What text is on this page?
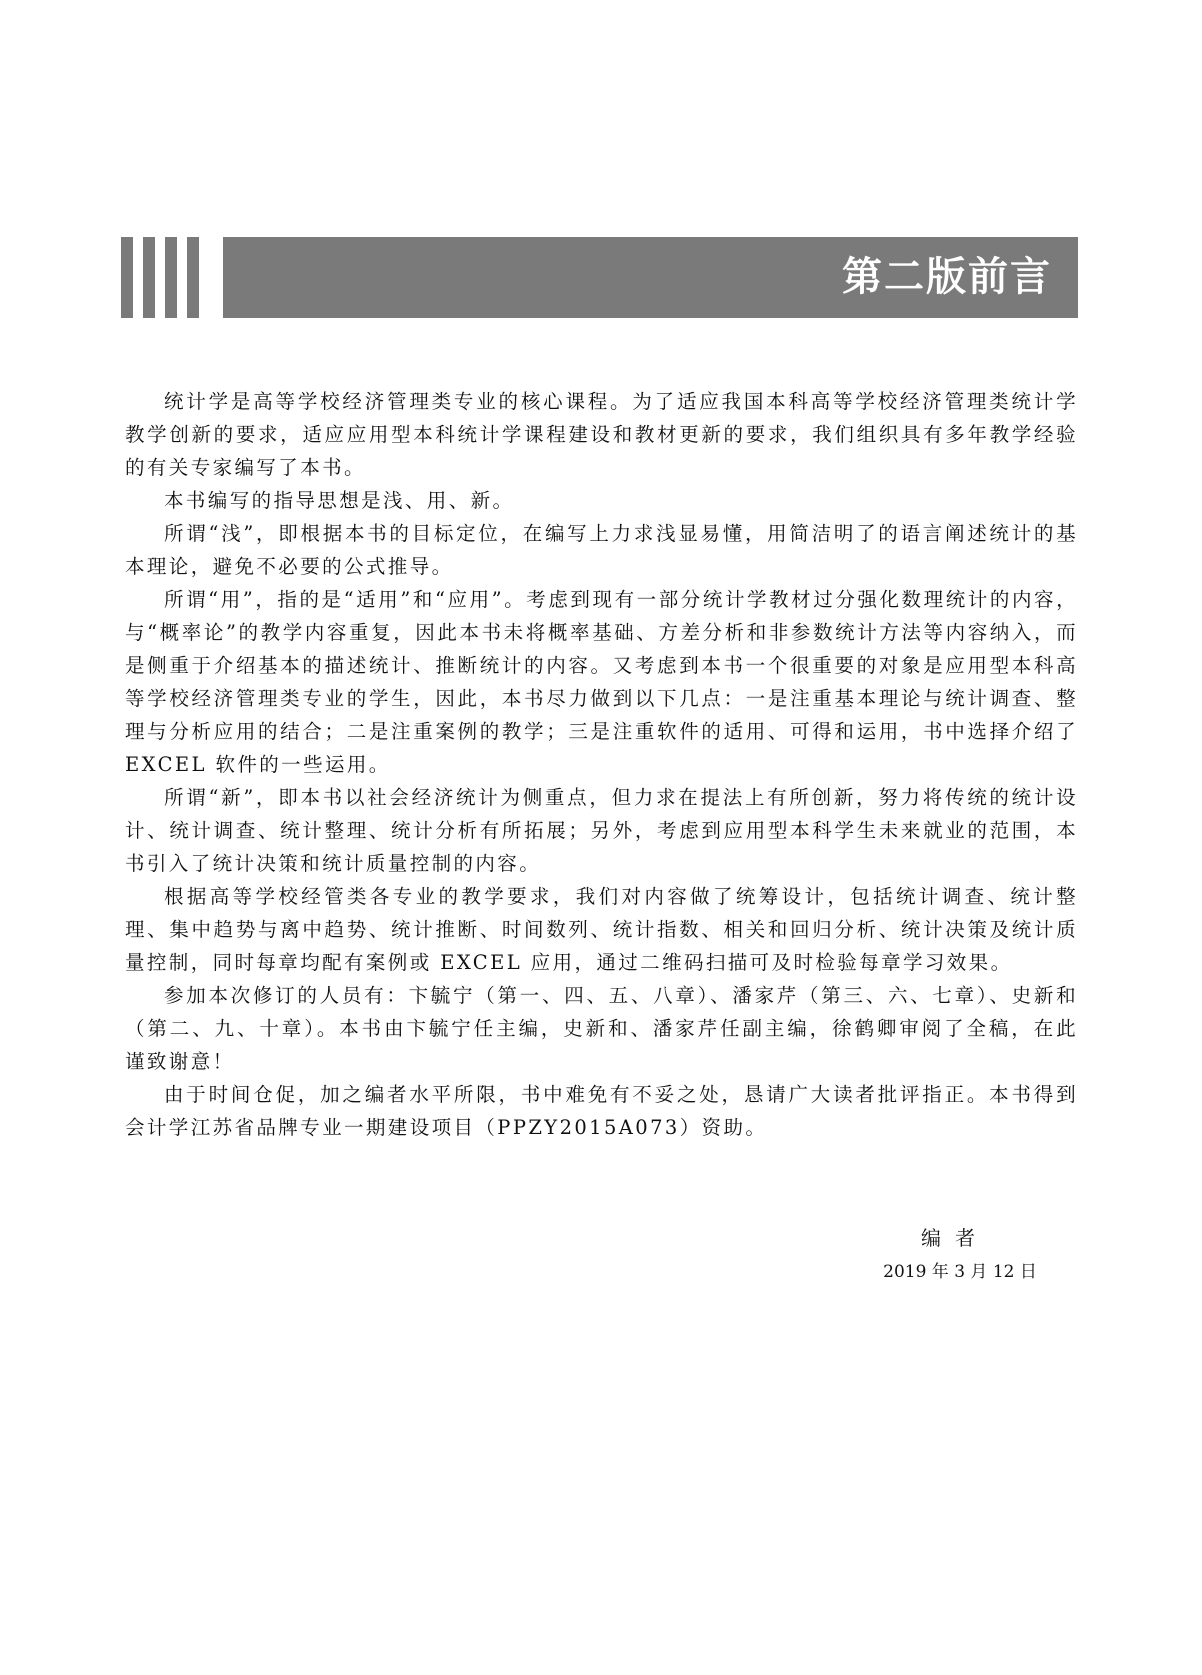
第二版前言

统计学是高等学校经济管理类专业的核心课程。为了适应我国本科高等学校经济管理类统计学教学创新的要求，适应应用型本科统计学课程建设和教材更新的要求，我们组织具有多年教学经验的有关专家编写了本书。

本书编写的指导思想是浅、用、新。

所谓“浅”，即根据本书的目标定位，在编写上力求浅显易懂，用简洁明了的语言阐述统计的基本理论，避免不必要的公式推导。

所谓“用”，指的是“适用”和“应用”。考虑到现有一部分统计学教材过分强化数理统计的内容，与“概率论”的教学内容重复，因此本书未将概率基础、方差分析和非参数统计方法等内容纳入，而是侧重于介绍基本的描述统计、推断统计的内容。又考虑到本书一个很重要的对象是应用型本科高等学校经济管理类专业的学生，因此，本书尽力做到以下几点：一是注重基本理论与统计调查、整理与分析应用的结合；二是注重案例的教学；三是注重软件的适用、可得和运用，书中选择介绍了 EXCEL 软件的一些运用。

所谓“新”，即本书以社会经济统计为侧重点，但力求在提法上有所创新，努力将传统的统计设计、统计调查、统计整理、统计分析有所拓展；另外，考虑到应用型本科学生未来就业的范围，本书引入了统计决策和统计质量控制的内容。

根据高等学校经管类各专业的教学要求，我们对内容做了统筹设计，包括统计调查、统计整理、集中趋势与离中趋势、统计推断、时间数列、统计指数、相关和回归分析、统计决策及统计质量控制，同时每章均配有案例或 EXCEL 应用，通过二维码扫描可及时检验每章学习效果。

参加本次修订的人员有：卞毓宁（第一、四、五、八章）、潘家芹（第三、六、七章）、史新和（第二、九、十章）。本书由卞毓宁任主编，史新和、潘家芹任副主编，徐鹤卿审阅了全稿，在此谨致谢意！

由于时间仓促，加之编者水平所限，书中难免有不妥之处，恳请广大读者批评指正。本书得到会计学江苏省品牌专业一期建设项目（PPZY2015A073）资助。

编者
2019 年 3 月 12 日
